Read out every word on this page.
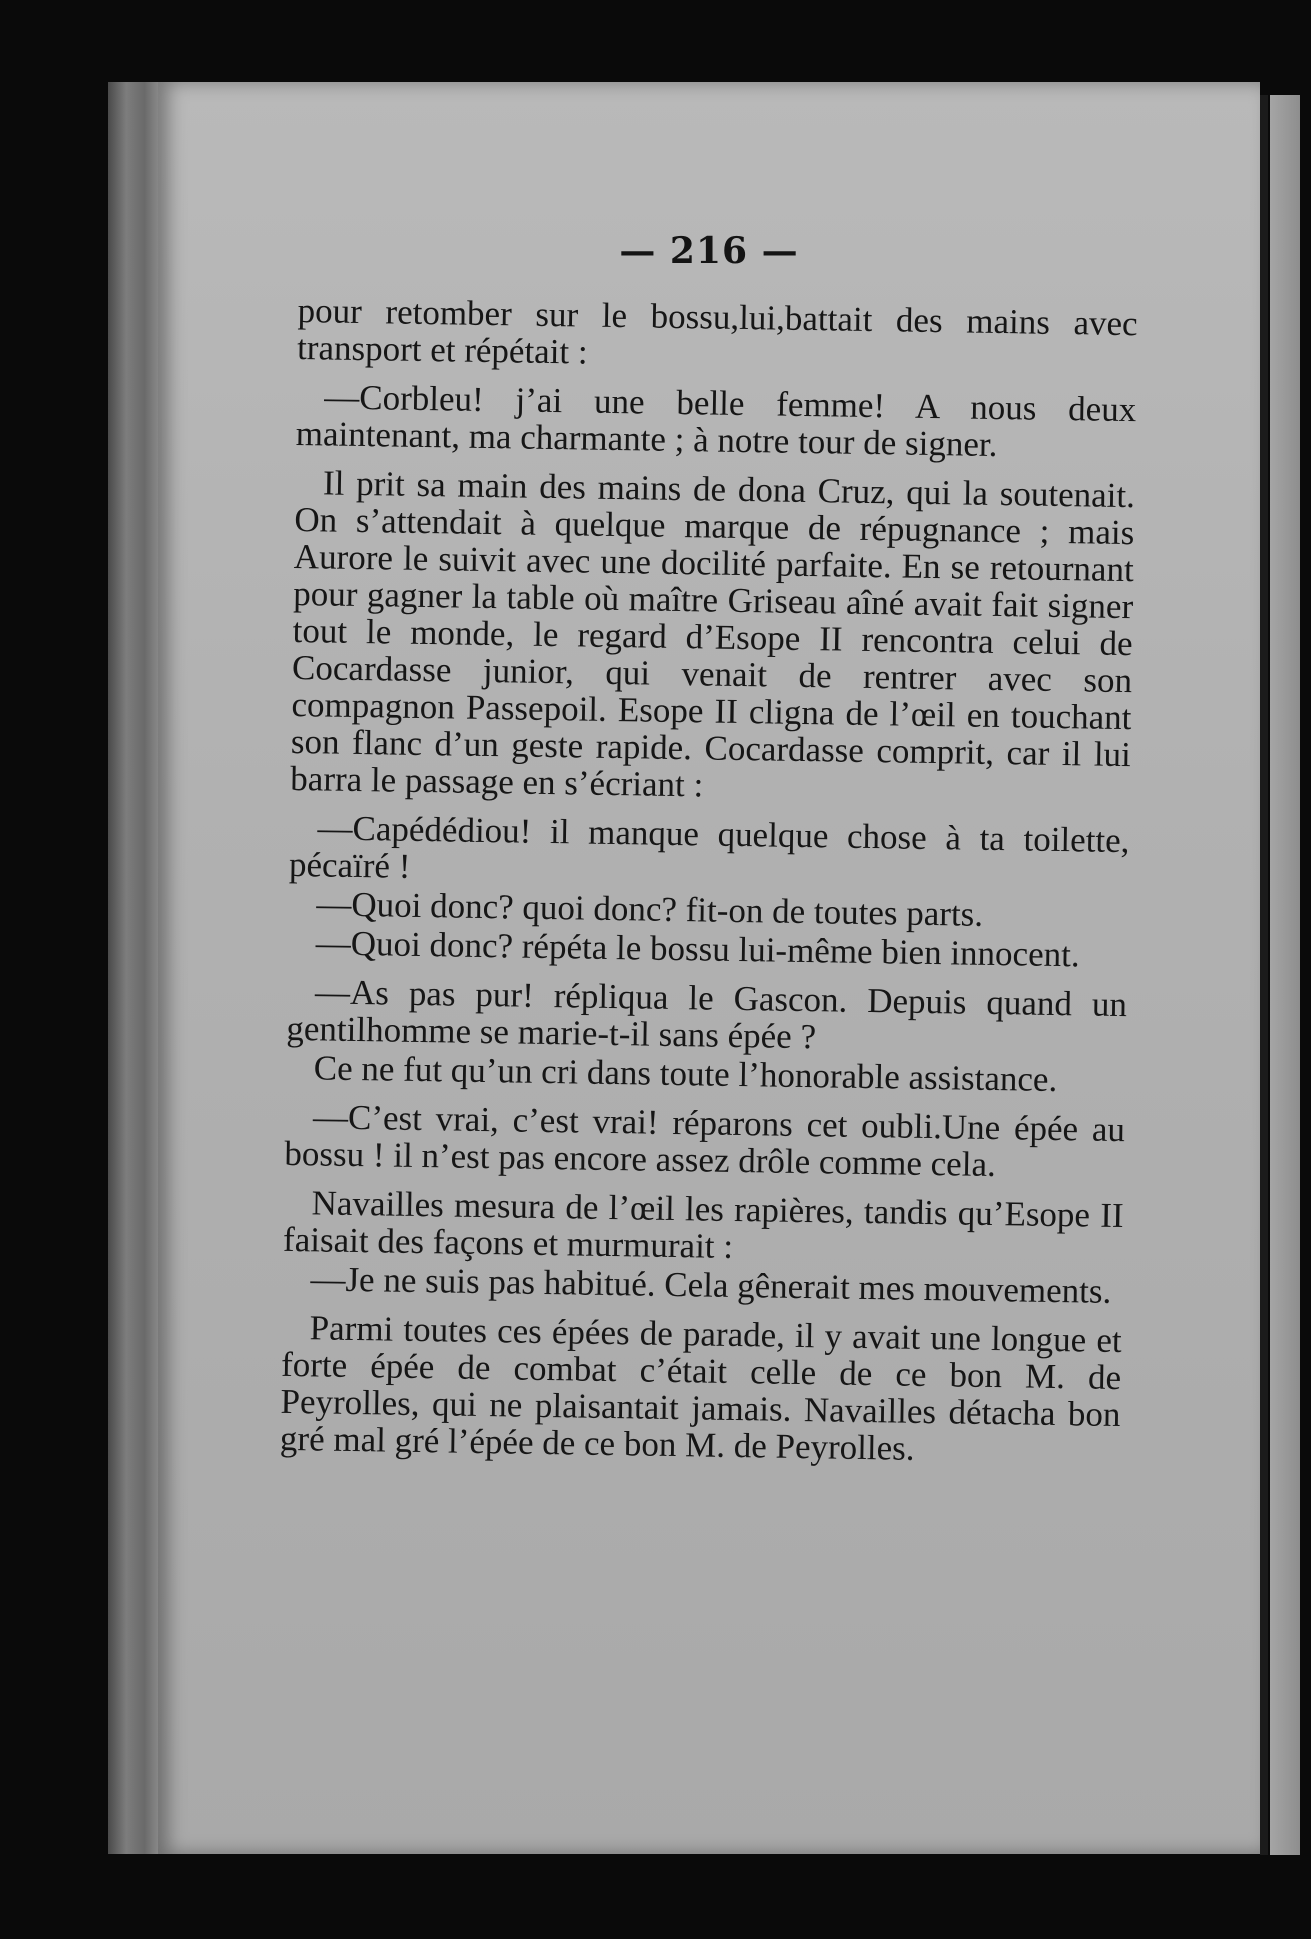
— 216 —

pour retomber sur le bossu,lui,battait des mains avec transport et répétait :

—Corbleu! j’ai une belle femme! A nous deux maintenant, ma charmante ; à notre tour de signer.

Il prit sa main des mains de dona Cruz, qui la soutenait. On s’attendait à quelque marque de répugnance ; mais Aurore le suivit avec une docilité parfaite. En se retournant pour gagner la table où maître Griseau aîné avait fait signer tout le monde, le regard d’Esope II rencontra celui de Cocardasse junior, qui venait de rentrer avec son compagnon Passepoil. Esope II cligna de l’œil en touchant son flanc d’un geste rapide. Cocardasse comprit, car il lui barra le passage en s’écriant :

—Capédédiou! il manque quelque chose à ta toilette, pécaïré !

—Quoi donc? quoi donc? fit-on de toutes parts.

—Quoi donc? répéta le bossu lui-même bien innocent.

—As pas pur! répliqua le Gascon. Depuis quand un gentilhomme se marie-t-il sans épée ?

Ce ne fut qu’un cri dans toute l’honorable assistance.

—C’est vrai, c’est vrai! réparons cet oubli.Une épée au bossu ! il n’est pas encore assez drôle comme cela.

Navailles mesura de l’œil les rapières, tandis qu’Esope II faisait des façons et murmurait :

—Je ne suis pas habitué. Cela gênerait mes mouvements.

Parmi toutes ces épées de parade, il y avait une longue et forte épée de combat c’était celle de ce bon M. de Peyrolles, qui ne plaisantait jamais. Navailles détacha bon gré mal gré l’épée de ce bon M. de Peyrolles.
